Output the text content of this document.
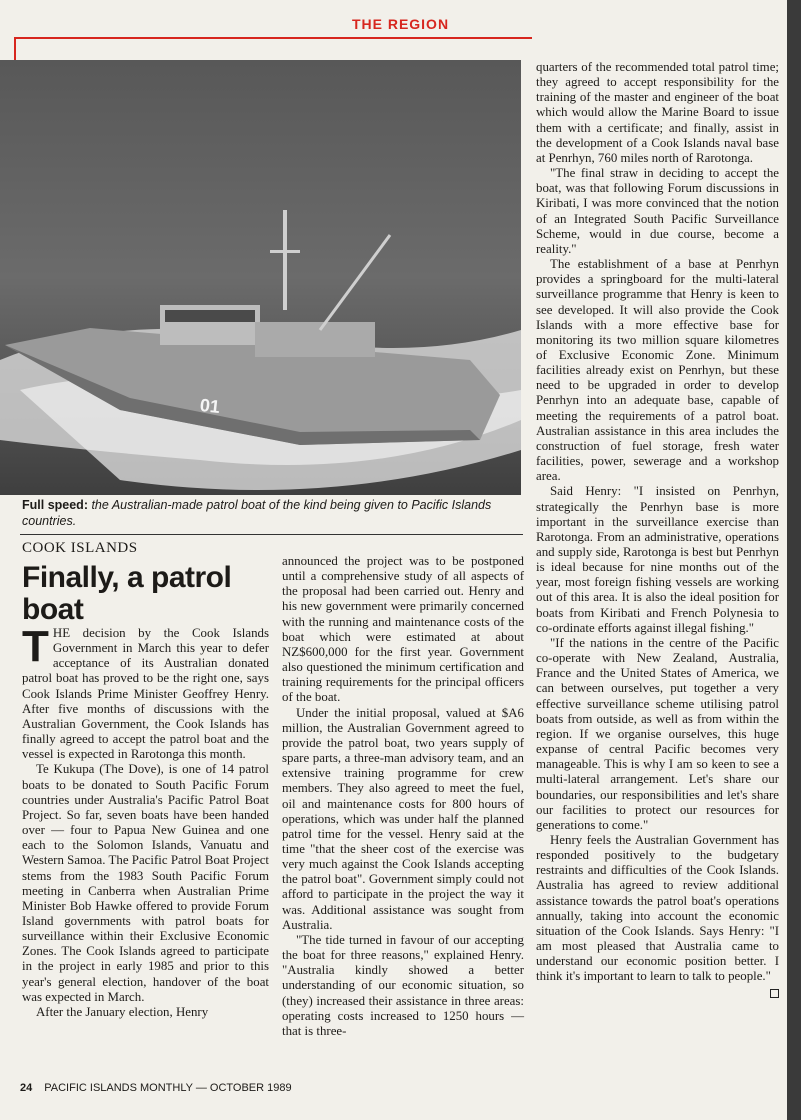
THE REGION
01
Full speed: the Australian-made patrol boat of the kind being given to Pacific Islands countries.
COOK ISLANDS
Finally, a patrol boat

THE decision by the Cook Islands Government in March this year to defer acceptance of its Australian donated patrol boat has proved to be the right one, says Cook Islands Prime Minister Geoffrey Henry. After five months of discussions with the Australian Government, the Cook Islands has finally agreed to accept the patrol boat and the vessel is expected in Rarotonga this month.

Te Kukupa (The Dove), is one of 14 patrol boats to be donated to South Pacific Forum countries under Australia's Pacific Patrol Boat Project. So far, seven boats have been handed over — four to Papua New Guinea and one each to the Solomon Islands, Vanuatu and Western Samoa. The Pacific Patrol Boat Project stems from the 1983 South Pacific Forum meeting in Canberra when Australian Prime Minister Bob Hawke offered to provide Forum Island governments with patrol boats for surveillance within their Exclusive Economic Zones. The Cook Islands agreed to participate in the project in early 1985 and prior to this year's general election, handover of the boat was expected in March.

After the January election, Henry

announced the project was to be postponed until a comprehensive study of all aspects of the proposal had been carried out. Henry and his new government were primarily concerned with the running and maintenance costs of the boat which were estimated at about NZ$600,000 for the first year. Government also questioned the minimum certification and training requirements for the principal officers of the boat.

Under the initial proposal, valued at $A6 million, the Australian Government agreed to provide the patrol boat, two years supply of spare parts, a three-man advisory team, and an extensive training programme for crew members. They also agreed to meet the fuel, oil and maintenance costs for 800 hours of operations, which was under half the planned patrol time for the vessel. Henry said at the time "that the sheer cost of the exercise was very much against the Cook Islands accepting the patrol boat". Government simply could not afford to participate in the project the way it was. Additional assistance was sought from Australia.

"The tide turned in favour of our accepting the boat for three reasons," explained Henry. "Australia kindly showed a better understanding of our economic situation, so (they) increased their assistance in three areas: operating costs increased to 1250 hours — that is three-

quarters of the recommended total patrol time; they agreed to accept responsibility for the training of the master and engineer of the boat which would allow the Marine Board to issue them with a certificate; and finally, assist in the development of a Cook Islands naval base at Penrhyn, 760 miles north of Rarotonga.

"The final straw in deciding to accept the boat, was that following Forum discussions in Kiribati, I was more convinced that the notion of an Integrated South Pacific Surveillance Scheme, would in due course, become a reality."

The establishment of a base at Penrhyn provides a springboard for the multi-lateral surveillance programme that Henry is keen to see developed. It will also provide the Cook Islands with a more effective base for monitoring its two million square kilometres of Exclusive Economic Zone. Minimum facilities already exist on Penrhyn, but these need to be upgraded in order to develop Penrhyn into an adequate base, capable of meeting the requirements of a patrol boat. Australian assistance in this area includes the construction of fuel storage, fresh water facilities, power, sewerage and a workshop area.

Said Henry: "I insisted on Penrhyn, strategically the Penrhyn base is more important in the surveillance exercise than Rarotonga. From an administrative, operations and supply side, Rarotonga is best but Penrhyn is ideal because for nine months out of the year, most foreign fishing vessels are working out of this area. It is also the ideal position for boats from Kiribati and French Polynesia to co-ordinate efforts against illegal fishing."

"If the nations in the centre of the Pacific co-operate with New Zealand, Australia, France and the United States of America, we can between ourselves, put together a very effective surveillance scheme utilising patrol boats from outside, as well as from within the region. If we organise ourselves, this huge expanse of central Pacific becomes very manageable. This is why I am so keen to see a multi-lateral arrangement. Let's share our boundaries, our responsibilities and let's share our facilities to protect our resources for generations to come."

Henry feels the Australian Government has responded positively to the budgetary restraints and difficulties of the Cook Islands. Australia has agreed to review additional assistance towards the patrol boat's operations annually, taking into account the economic situation of the Cook Islands. Says Henry: "I am most pleased that Australia came to understand our economic position better. I think it's important to learn to talk to people."

24 PACIFIC ISLANDS MONTHLY — OCTOBER 1989
